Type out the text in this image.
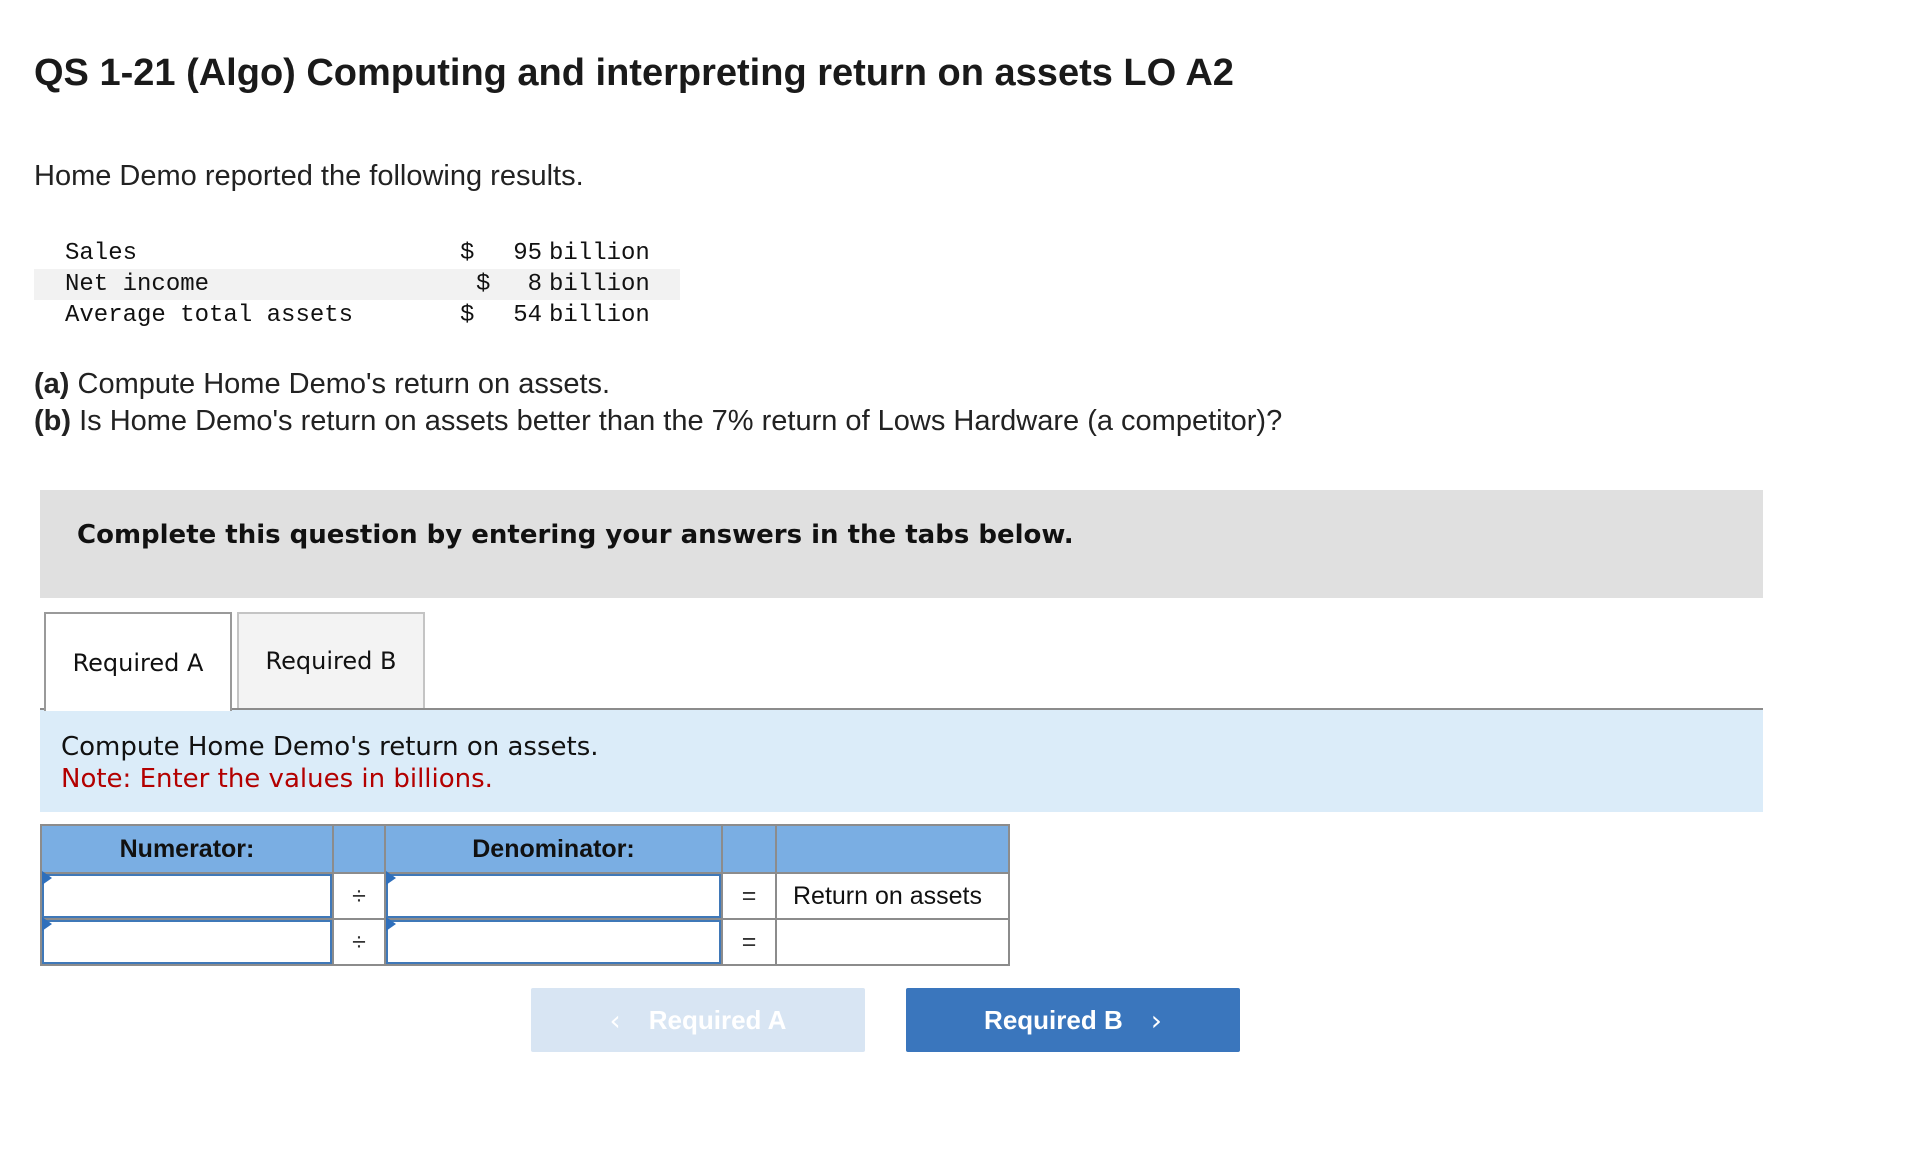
QS 1-21 (Algo) Computing and interpreting return on assets LO A2
Home Demo reported the following results.
Sales	$	95	billion
Net income	$	8	billion
Average total assets	$	54	billion
(a) Compute Home Demo's return on assets.
(b) Is Home Demo's return on assets better than the 7% return of Lows Hardware (a competitor)?
Complete this question by entering your answers in the tabs below.
Required A	Required B
Compute Home Demo's return on assets.
Note: Enter the values in billions.
Numerator:		Denominator:		

	÷		=	Return on assets

	÷		=	
‹ Required A	Required B ›
